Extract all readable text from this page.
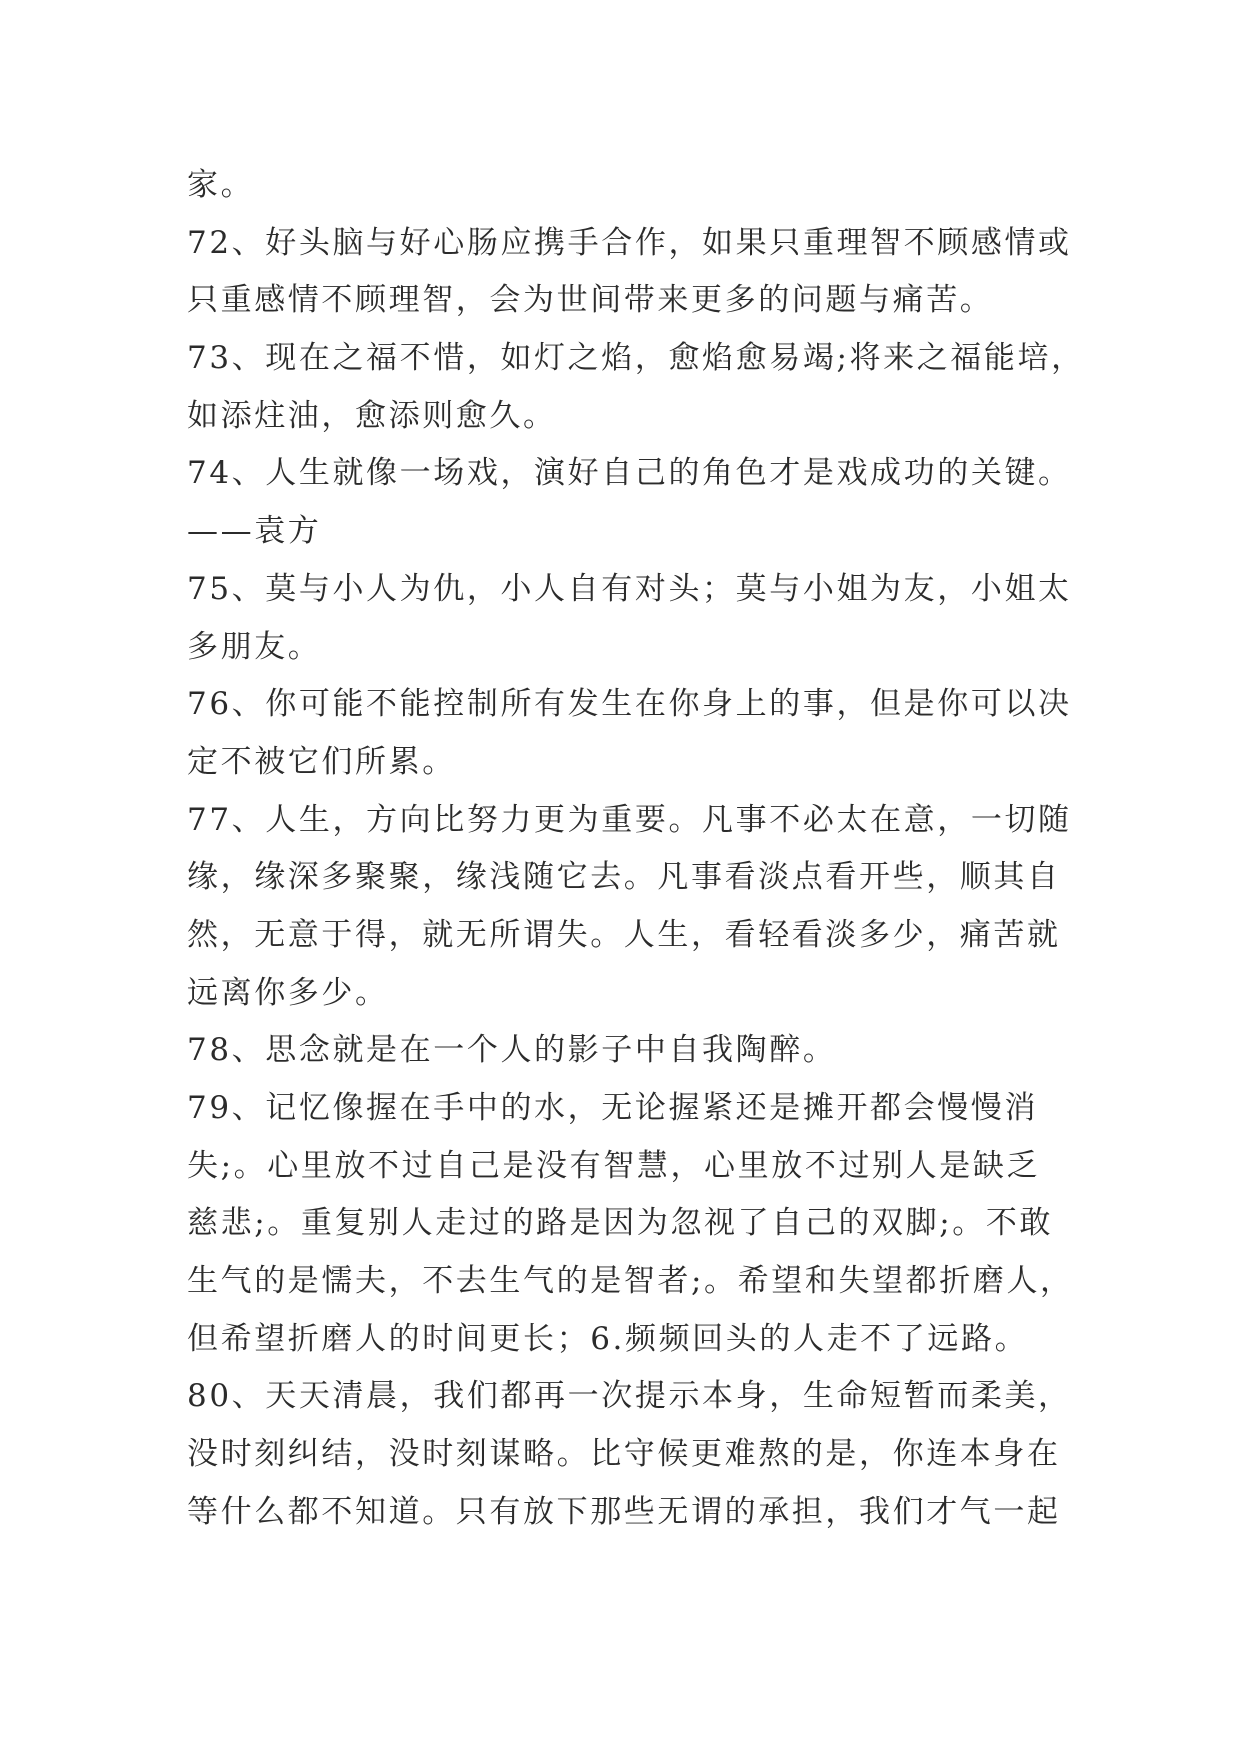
家。
72、好头脑与好心肠应携手合作，如果只重理智不顾感情或
只重感情不顾理智，会为世间带来更多的问题与痛苦。
73、现在之福不惜，如灯之焰，愈焰愈易竭;将来之福能培，
如添炷油，愈添则愈久。
74、人生就像一场戏，演好自己的角色才是戏成功的关键。
——袁方
75、莫与小人为仇，小人自有对头；莫与小姐为友，小姐太
多朋友。
76、你可能不能控制所有发生在你身上的事，但是你可以决
定不被它们所累。
77、人生，方向比努力更为重要。凡事不必太在意，一切随
缘，缘深多聚聚，缘浅随它去。凡事看淡点看开些，顺其自
然，无意于得，就无所谓失。人生，看轻看淡多少，痛苦就
远离你多少。
78、思念就是在一个人的影子中自我陶醉。
79、记忆像握在手中的水，无论握紧还是摊开都会慢慢消
失;。心里放不过自己是没有智慧，心里放不过别人是缺乏
慈悲;。重复别人走过的路是因为忽视了自己的双脚;。不敢
生气的是懦夫，不去生气的是智者;。希望和失望都折磨人，
但希望折磨人的时间更长；6.频频回头的人走不了远路。
80、天天清晨，我们都再一次提示本身，生命短暂而柔美，
没时刻纠结，没时刻谋略。比守候更难熬的是，你连本身在
等什么都不知道。只有放下那些无谓的承担，我们才气一起
